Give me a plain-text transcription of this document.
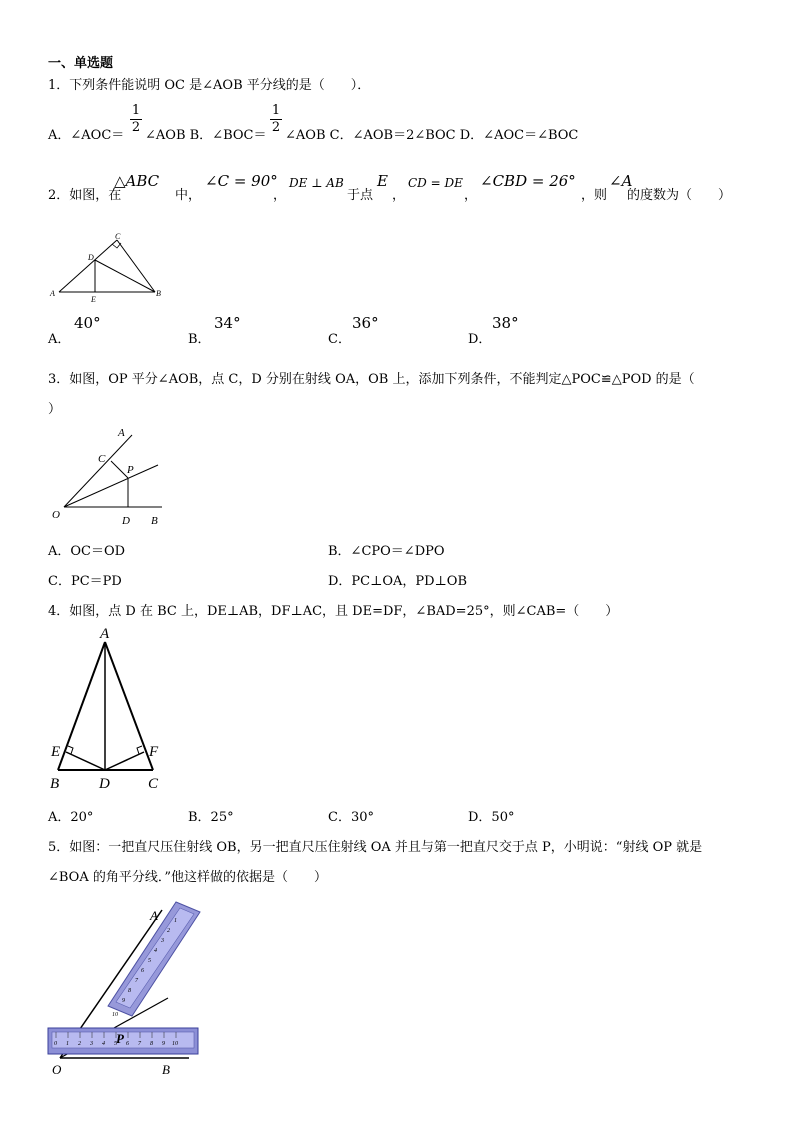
一、单选题
1．下列条件能说明 OC 是∠AOB 平分线的是（　　）．
A．∠AOC＝ $\frac{1}{2}$ ∠AOB B．∠BOC＝ $\frac{1}{2}$ ∠AOB C．∠AOB＝2∠BOC D．∠AOC＝∠BOC
2．如图，在
△ABC
中，
∠C = 90°
，
DE ⊥ AB
于点
E
，
CD = DE
，
∠CBD = 26°
，则
∠A
的度数为（　　）
A	B
C
D
E
A．
40°
B．
34°
C．
36°
D．
38°
3．如图，OP 平分∠AOB，点 C，D 分别在射线 OA，OB 上，添加下列条件，不能判定△POC≌△POD 的是（
）
A
C
P
O	D B
A．OC＝OD	B．∠CPO＝∠DPO
C．PC＝PD	D．PC⊥OA，PD⊥OB
4．如图，点 D 在 BC 上，DE⊥AB，DF⊥AC，且 DE=DF，∠BAD=25°，则∠CAB=（　　）
A
E	F
B	D	C
A．20°	B．25°	C．30°	D．50°
5．如图：一把直尺压住射线 OB，另一把直尺压住射线 OA 并且与第一把直尺交于点 P，小明说：“射线 OP 就是
∠BOA 的角平分线．”他这样做的依据是（　　）
0 1 2 3 4 5 6 7 8 9 10
10
9
8
7
6
5
4
3
2
1
A
P
O	B
